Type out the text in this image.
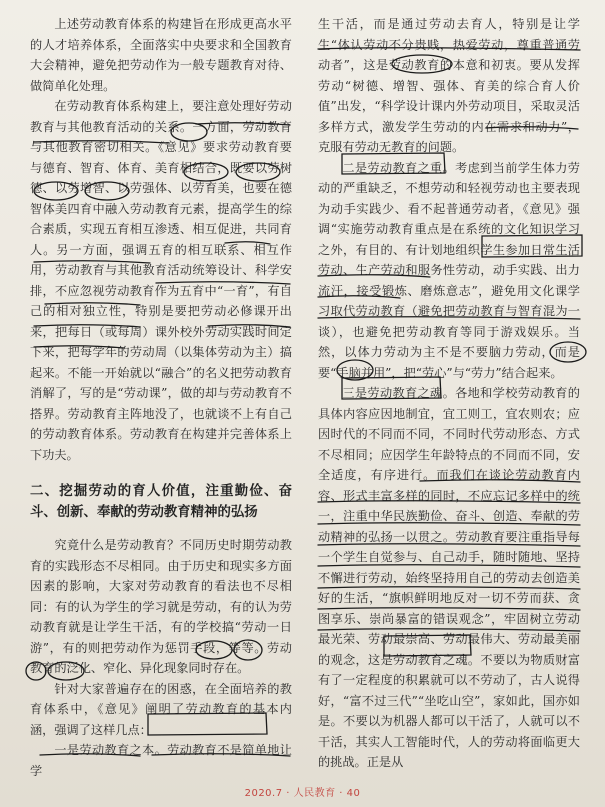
上述劳动教育体系的构建旨在形成更高水平的人才培养体系，全面落实中央要求和全国教育大会精神，避免把劳动作为一般专题教育对待、做简单化处理。

在劳动教育体系构建上，要注意处理好劳动教育与其他教育活动的关系。一方面，劳动教育与其他教育密切相关。《意见》要求劳动教育要与德育、智育、体育、美育相结合，既要以劳树德、以劳增智、以劳强体、以劳育美，也要在德智体美四育中融入劳动教育元素，提高学生的综合素质，实现五育相互渗透、相互促进，共同育人。另一方面，强调五育的相互联系、相互作用，劳动教育与其他教育活动统筹设计、科学安排，不应忽视劳动教育作为五育中“一育”，有自己的相对独立性，特别是要把劳动必修课开出来，把每日（或每周）课外校外劳动实践时间定下来，把每学年的劳动周（以集体劳动为主）搞起来。不能一开始就以“融合”的名义把劳动教育消解了，写的是“劳动课”，做的却与劳动教育不搭界。劳动教育主阵地没了，也就谈不上有自己的劳动教育体系。劳动教育在构建并完善体系上下功夫。

二、挖掘劳动的育人价值，注重勤俭、奋斗、创新、奉献的劳动教育精神的弘扬

究竟什么是劳动教育？不同历史时期劳动教育的实践形态不尽相同。由于历史和现实多方面因素的影响，大家对劳动教育的看法也不尽相同：有的认为学生的学习就是劳动，有的认为劳动教育就是让学生干活，有的学校搞“劳动一日游”，有的则把劳动作为惩罚手段，等等。劳动教育的泛化、窄化、异化现象同时存在。

针对大家普遍存在的困惑，在全面培养的教育体系中，《意见》阐明了劳动教育的基本内涵，强调了这样几点：

一是劳动教育之本。劳动教育不是简单地让学

生干活，而是通过劳动去育人，特别是让学生“体认劳动不分贵贱，热爱劳动，尊重普通劳动者”，这是劳动教育的本意和初衷。要从发挥劳动“树德、增智、强体、育美的综合育人价值”出发，“科学设计课内外劳动项目，采取灵活多样方式，激发学生劳动的内在需求和动力”，克服有劳动无教育的问题。

二是劳动教育之重。考虑到当前学生体力劳动的严重缺乏，不想劳动和轻视劳动也主要表现为动手实践少、看不起普通劳动者，《意见》强调“实施劳动教育重点是在系统的文化知识学习之外，有目的、有计划地组织学生参加日常生活劳动、生产劳动和服务性劳动，动手实践、出力流汗，接受锻炼、磨炼意志”，避免用文化课学习取代劳动教育（避免把劳动教育与智育混为一谈），也避免把劳动教育等同于游戏娱乐。当然，以体力劳动为主不是不要脑力劳动，而是要“手脑并用”，把“劳心”与“劳力”结合起来。

三是劳动教育之魂。各地和学校劳动教育的具体内容应因地制宜，宜工则工，宜农则农；应因时代的不同而不同，不同时代劳动形态、方式不尽相同；应因学生年龄特点的不同而不同，安全适度，有序进行。而我们在谈论劳动教育内容、形式丰富多样的同时，不应忘记多样中的统一，注重中华民族勤俭、奋斗、创造、奉献的劳动精神的弘扬一以贯之。劳动教育要注重指导每一个学生自觉参与、自己动手，随时随地、坚持不懈进行劳动，始终坚持用自己的劳动去创造美好的生活，“旗帜鲜明地反对一切不劳而获、贪图享乐、崇尚暴富的错误观念”，牢固树立劳动最光荣、劳动最崇高、劳动最伟大、劳动最美丽的观念，这是劳动教育之魂。不要以为物质财富有了一定程度的积累就可以不劳动了，古人说得好，“富不过三代”“坐吃山空”，家如此，国亦如是。不要以为机器人都可以干活了，人就可以不干活，其实人工智能时代，人的劳动将面临更大的挑战。正是从

2020.7 · 人民教育 · 40
